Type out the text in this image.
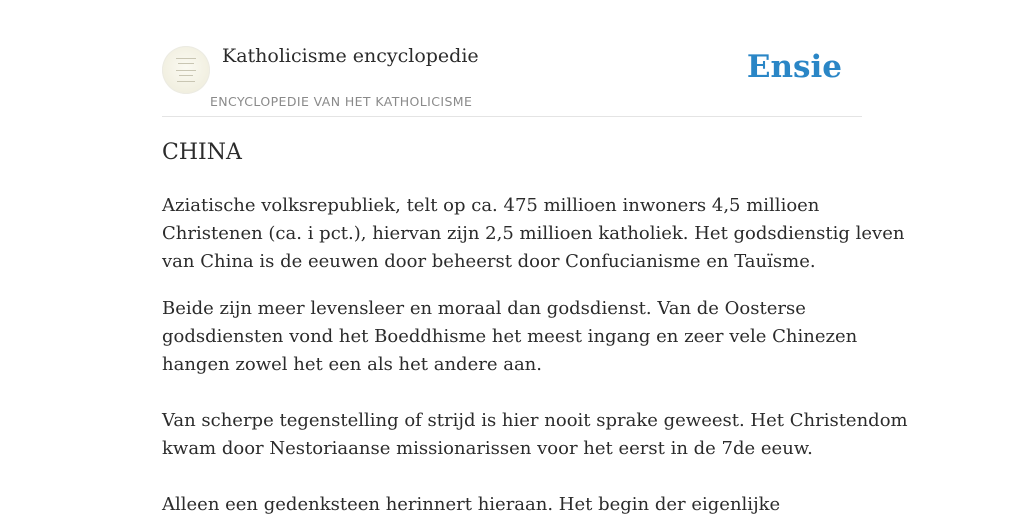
Katholicisme encyclopedie
ENCYCLOPEDIE VAN HET KATHOLICISME
Ensie
CHINA

Aziatische volksrepubliek, telt op ca. 475 millioen inwoners 4,5 millioen
Christenen (ca. i pct.), hiervan zijn 2,5 millioen katholiek. Het godsdienstig leven
van China is de eeuwen door beheerst door Confucianisme en Tauïsme.

Beide zijn meer levensleer en moraal dan godsdienst. Van de Oosterse
godsdiensten vond het Boeddhisme het meest ingang en zeer vele Chinezen
hangen zowel het een als het andere aan.

Van scherpe tegenstelling of strijd is hier nooit sprake geweest. Het Christendom
kwam door Nestoriaanse missionarissen voor het eerst in de 7de eeuw.

Alleen een gedenksteen herinnert hieraan. Het begin der eigenlijke
